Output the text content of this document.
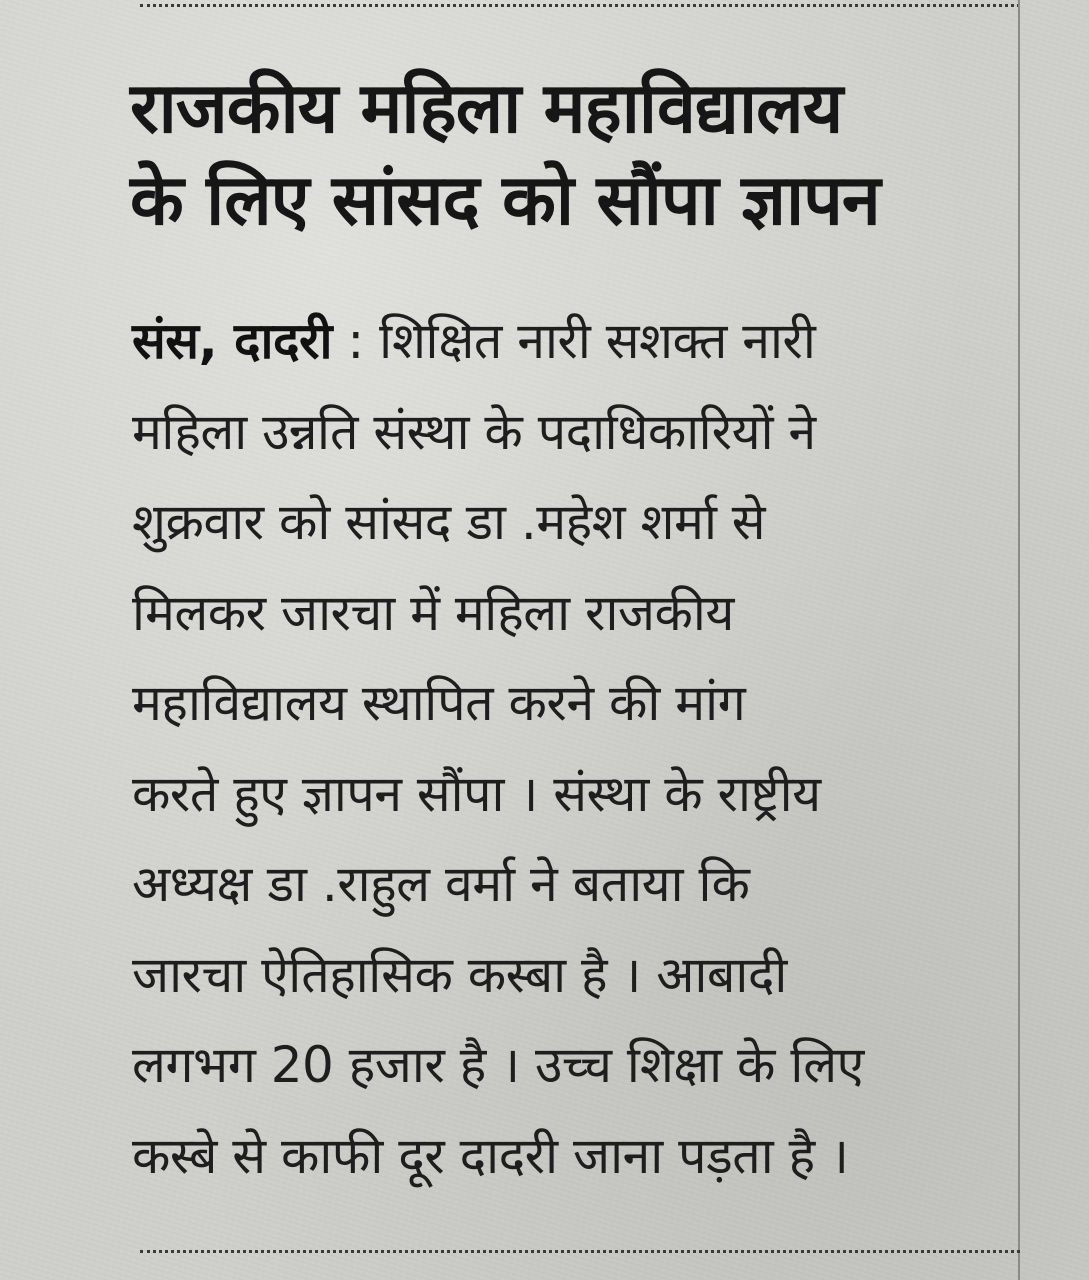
राजकीय महिला महाविद्यालय
के लिए सांसद को सौंपा ज्ञापन
संस, दादरी : शिक्षित नारी सशक्त नारी
महिला उन्नति संस्था के पदाधिकारियों ने
शुक्रवार को सांसद डा .महेश शर्मा से
मिलकर जारचा में महिला राजकीय
महाविद्यालय स्थापित करने की मांग
करते हुए ज्ञापन सौंपा । संस्था के राष्ट्रीय
अध्यक्ष डा .राहुल वर्मा ने बताया कि
जारचा ऐतिहासिक कस्बा है । आबादी
लगभग 20 हजार है । उच्च शिक्षा के लिए
कस्बे से काफी दूर दादरी जाना पड़ता है ।
